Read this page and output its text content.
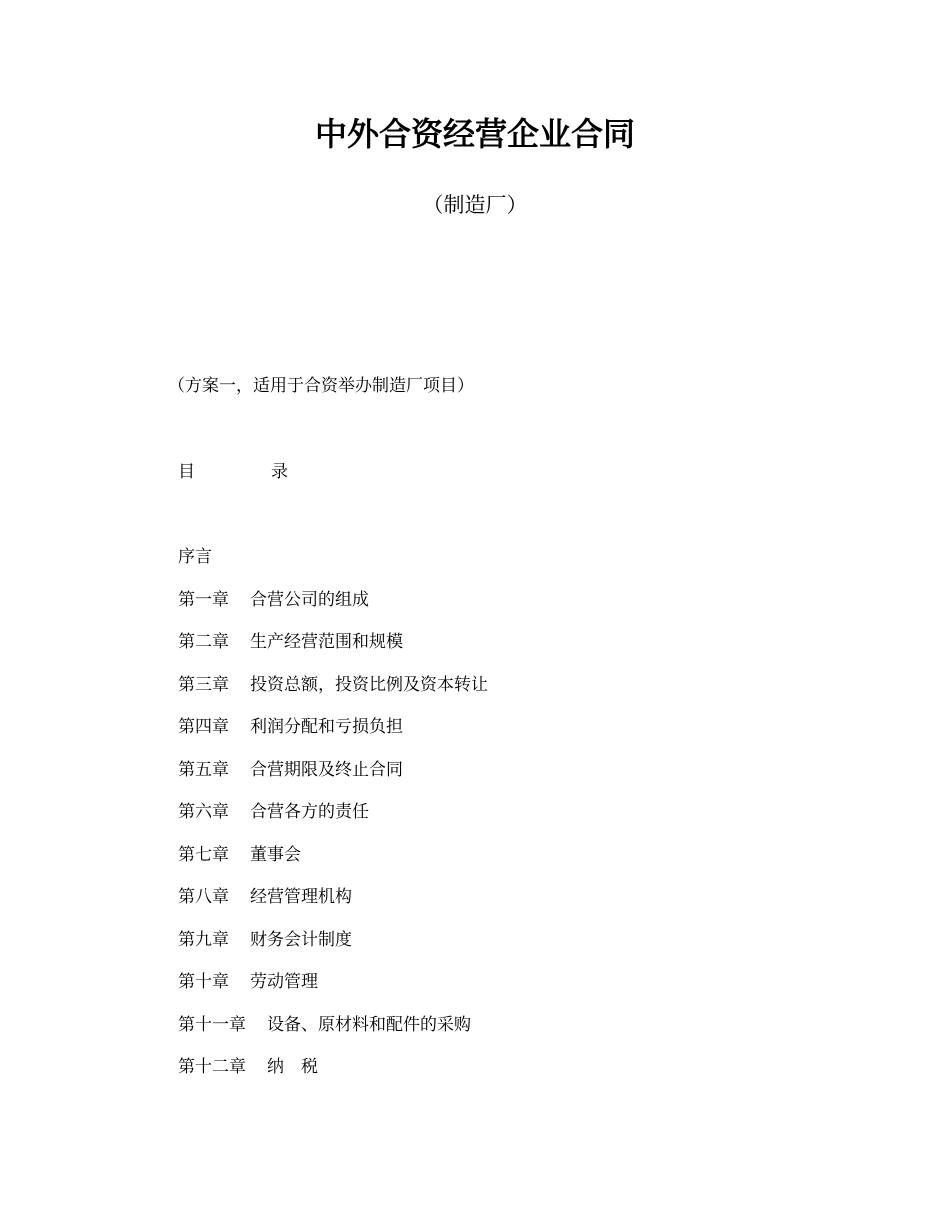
中外合资经营企业合同
（制造厂）
（方案一，适用于合资举办制造厂项目）
目	录
序言
第一章 合营公司的组成
第二章 生产经营范围和规模
第三章 投资总额，投资比例及资本转让
第四章 利润分配和亏损负担
第五章 合营期限及终止合同
第六章 合营各方的责任
第七章 董事会
第八章 经营管理机构
第九章 财务会计制度
第十章 劳动管理
第十一章 设备、原材料和配件的采购
第十二章 纳　税
